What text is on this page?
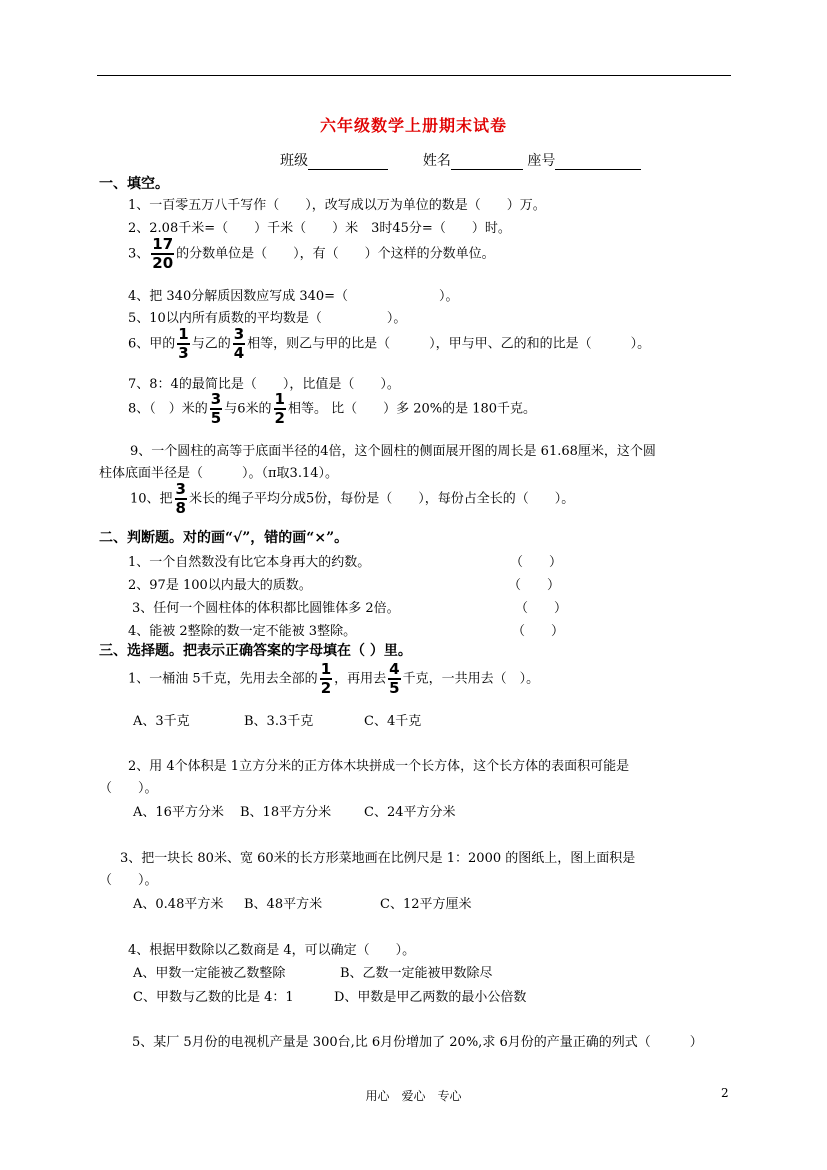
六年级数学上册期末试卷
班级	姓名	座号
一、填空。
1、一百零五万八千写作（　　），改写成以万为单位的数是（　　）万。
2、2.08千米=（　　）千米（　　）米　3时45分=（　　）时。
3、 $\frac{17}{20}$ 的分数单位是（　　），有（　　）个这样的分数单位。
4、把 340分解质因数应写成 340=（　　　　　　　）。
5、10以内所有质数的平均数是（　　　　　）。
6、甲的 $\frac{1}{3}$ 与乙的 $\frac{3}{4}$ 相等，则乙与甲的比是（　　　），甲与甲、乙的和的比是（　　　）。
7、8：4的最简比是（　　），比值是（　　）。
8、（　）米的 $\frac{3}{5}$ 与6米的 $\frac{1}{2}$ 相等。 比（　　）多 20%的是 180千克。
9、一个圆柱的高等于底面半径的4倍，这个圆柱的侧面展开图的周长是 61.68厘米，这个圆
柱体底面半径是（　　　）。（π取3.14）。
10、把 $\frac{3}{8}$ 米长的绳子平均分成5份，每份是（　　），每份占全长的（　　）。
二、判断题。对的画“√”，错的画“×”。
1、一个自然数没有比它本身再大的约数。	（　　）
2、97是 100以内最大的质数。	（　　）
3、任何一个圆柱体的体积都比圆锥体多 2倍。	（　　）
4、能被 2整除的数一定不能被 3整除。	（　　）
三、选择题。把表示正确答案的字母填在（ ）里。
1、一桶油 5千克，先用去全部的 $\frac{1}{2}$ ，再用去 $\frac{4}{5}$ 千克，一共用去（　）。
A、3千克	B、3.3千克	C、4千克
2、用 4个体积是 1立方分米的正方体木块拼成一个长方体，这个长方体的表面积可能是
（　　）。
A、16平方分米 B、18平方分米	C、24平方分米
3、把一块长 80米、宽 60米的长方形菜地画在比例尺是 1：2000 的图纸上，图上面积是
（　　）。
A、0.48平方米 B、48平方米	C、12平方厘米
4、根据甲数除以乙数商是 4，可以确定（　　）。
A、甲数一定能被乙数整除	B、乙数一定能被甲数除尽
C、甲数与乙数的比是 4：1	D、甲数是甲乙两数的最小公倍数
5、某厂 5月份的电视机产量是 300台,比 6月份增加了 20%,求 6月份的产量正确的列式（　　　）
用心　爱心　专心	2
